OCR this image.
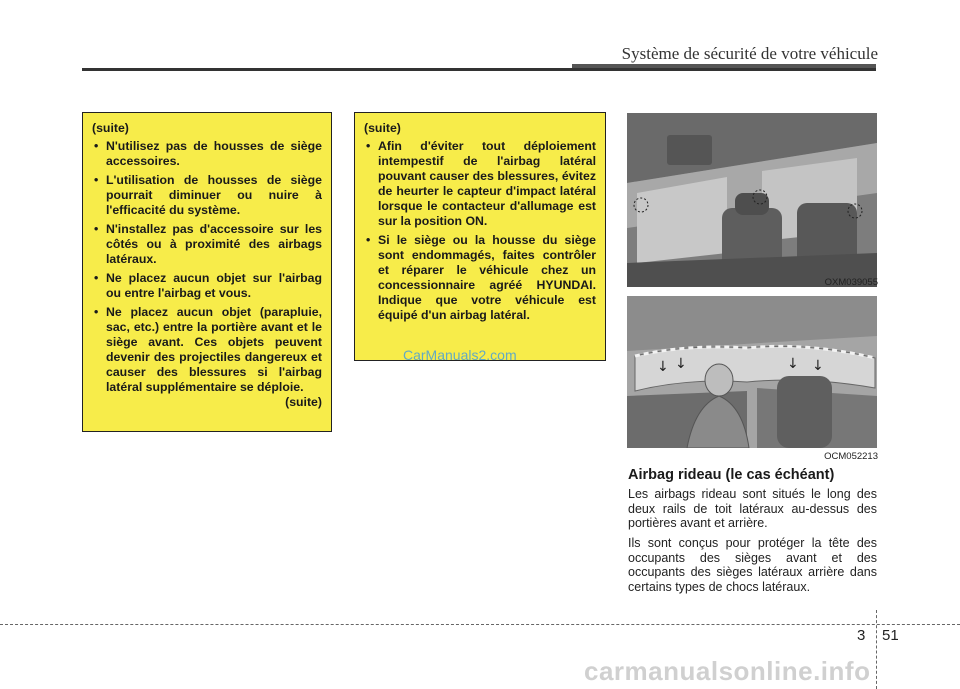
Système de sécurité de votre véhicule
(suite)
• N'utilisez pas de housses de siège accessoires.
• L'utilisation de housses de siège pourrait diminuer ou nuire à l'efficacité du système.
• N'installez pas d'accessoire sur les côtés ou à proximité des airbags latéraux.
• Ne placez aucun objet sur l'airbag ou entre l'airbag et vous.
• Ne placez aucun objet (parapluie, sac, etc.) entre la portière avant et le siège avant. Ces objets peuvent devenir des projectiles dangereux et causer des blessures si l'airbag latéral supplémentaire se déploie.
(suite)
(suite)
• Afin d'éviter tout déploiement intempestif de l'airbag latéral pouvant causer des blessures, évitez de heurter le capteur d'impact latéral lorsque le contacteur d'allumage est sur la position ON.
• Si le siège ou la housse du siège sont endommagés, faites contrôler et réparer le véhicule chez un concessionnaire agréé HYUNDAI. Indique que votre véhicule est équipé d'un airbag latéral.
CarManuals2.com
OXM039055
↓ ↓	↓ ↓
OCM052213
Airbag rideau (le cas échéant)
Les airbags rideau sont situés le long des deux rails de toit latéraux au-dessus des portières avant et arrière.
Ils sont conçus pour protéger la tête des occupants des sièges avant et des occupants des sièges latéraux arrière dans certains types de chocs latéraux.
3 51
carmanualsonline.info
